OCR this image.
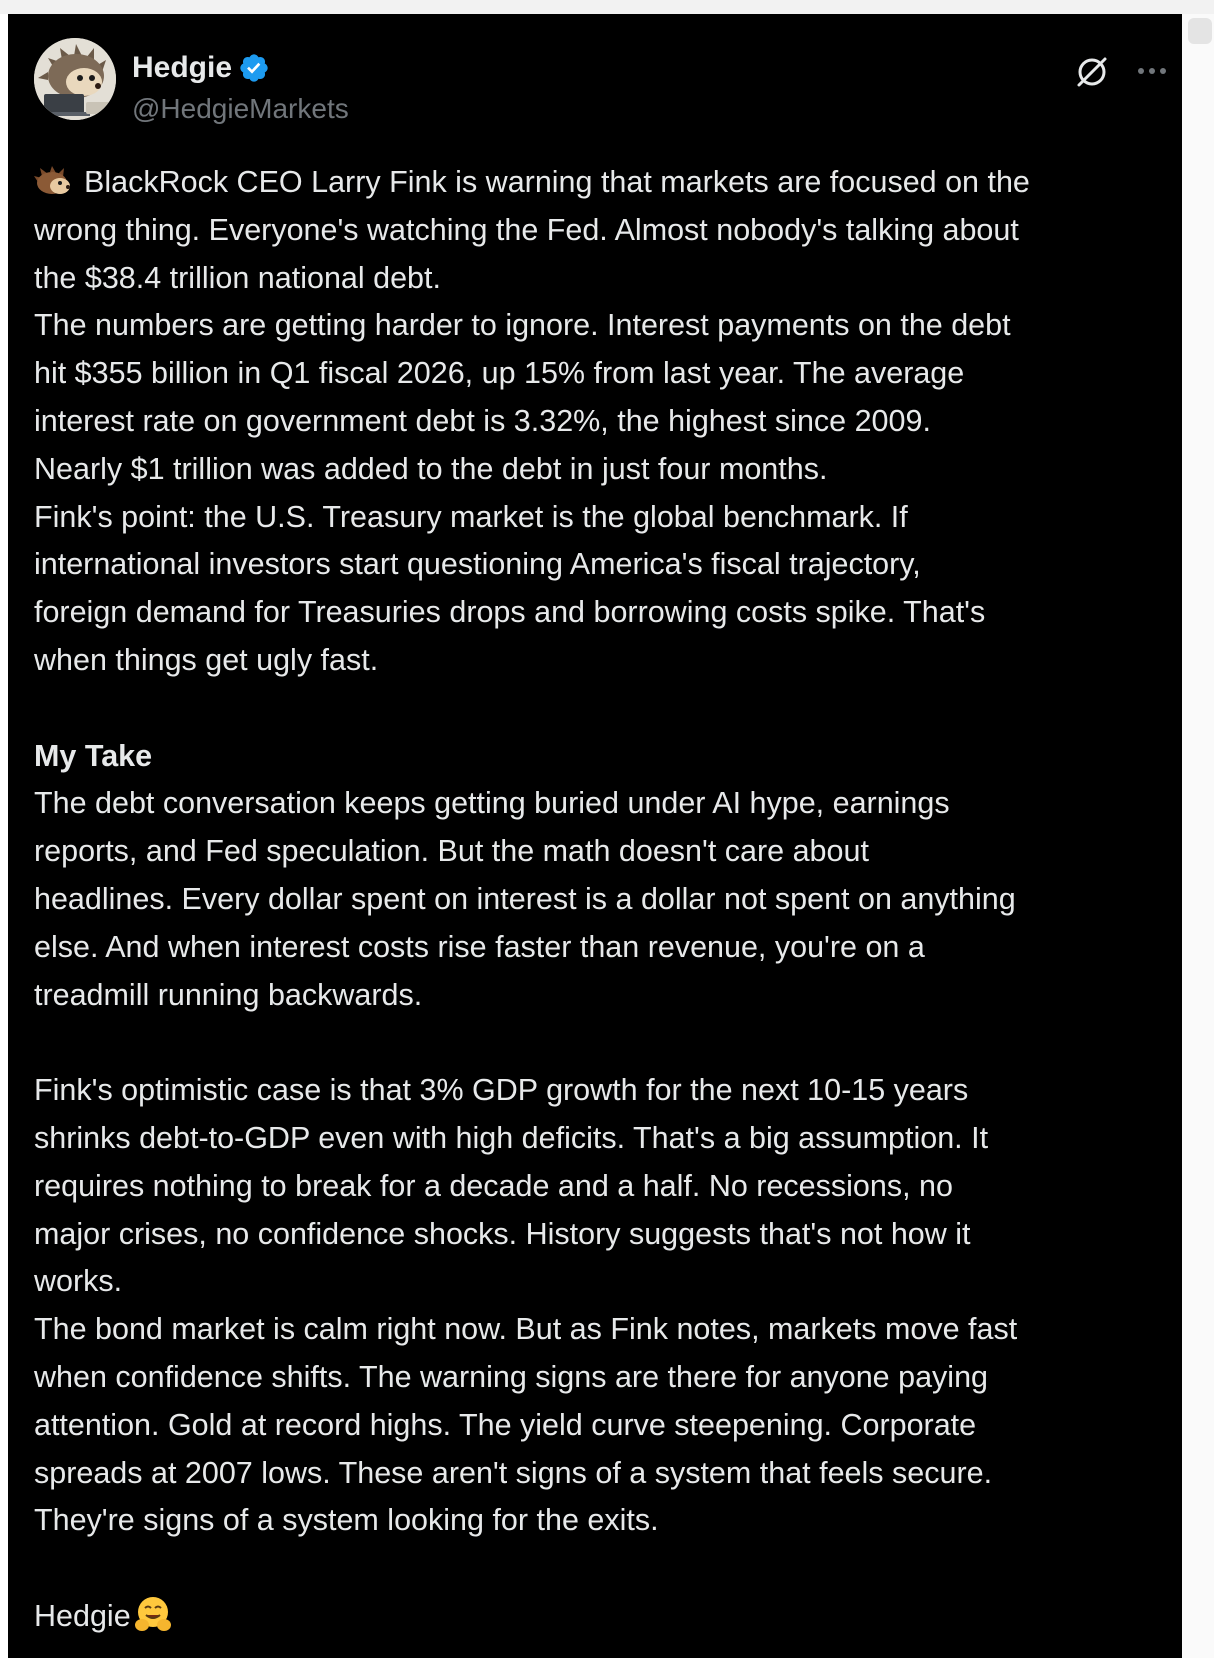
Hedgie
@HedgieMarkets
BlackRock CEO Larry Fink is warning that markets are focused on the
wrong thing. Everyone's watching the Fed. Almost nobody's talking about
the $38.4 trillion national debt.
The numbers are getting harder to ignore. Interest payments on the debt
hit $355 billion in Q1 fiscal 2026, up 15% from last year. The average
interest rate on government debt is 3.32%, the highest since 2009.
Nearly $1 trillion was added to the debt in just four months.
Fink's point: the U.S. Treasury market is the global benchmark. If
international investors start questioning America's fiscal trajectory,
foreign demand for Treasuries drops and borrowing costs spike. That's
when things get ugly fast.
My Take
The debt conversation keeps getting buried under AI hype, earnings
reports, and Fed speculation. But the math doesn't care about
headlines. Every dollar spent on interest is a dollar not spent on anything
else. And when interest costs rise faster than revenue, you're on a
treadmill running backwards.
Fink's optimistic case is that 3% GDP growth for the next 10-15 years
shrinks debt-to-GDP even with high deficits. That's a big assumption. It
requires nothing to break for a decade and a half. No recessions, no
major crises, no confidence shocks. History suggests that's not how it
works.
The bond market is calm right now. But as Fink notes, markets move fast
when confidence shifts. The warning signs are there for anyone paying
attention. Gold at record highs. The yield curve steepening. Corporate
spreads at 2007 lows. These aren't signs of a system that feels secure.
They're signs of a system looking for the exits.
Hedgie
